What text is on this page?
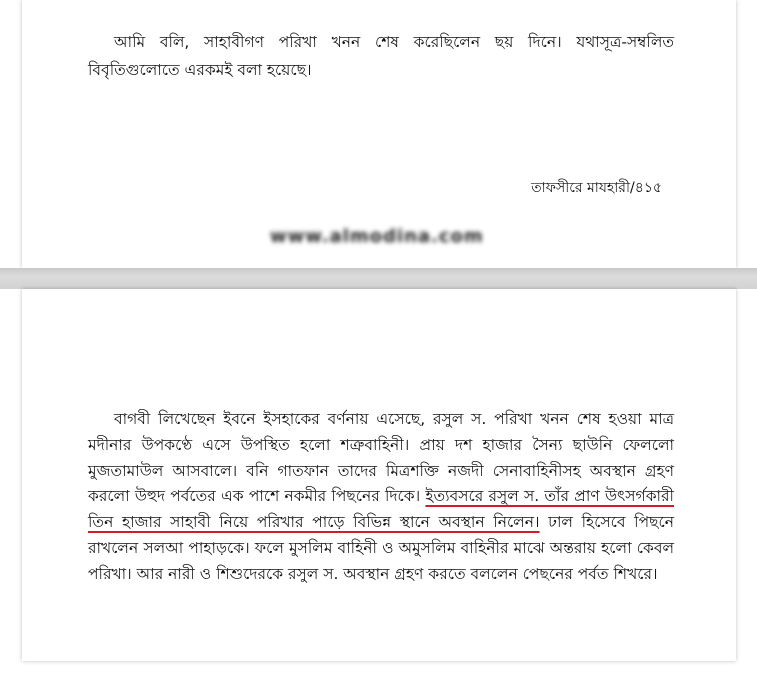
আমি বলি, সাহাবীগণ পরিখা খনন শেষ করেছিলেন ছয় দিনে। যথাসূত্র-সম্বলিত বিবৃতিগুলোতে এরকমই বলা হয়েছে।

তাফসীরে মাযহারী/৪১৫
www.almodina.com

বাগবী লিখেছেন ইবনে ইসহাকের বর্ণনায় এসেছে, রসুল স. পরিখা খনন শেষ হওয়া মাত্র মদীনার উপকণ্ঠে এসে উপস্থিত হলো শত্রুবাহিনী। প্রায় দশ হাজার সৈন্য ছাউনি ফেললো মুজতামাউল আসবালে। বনি গাতফান তাদের মিত্রশক্তি নজদী সেনাবাহিনীসহ অবস্থান গ্রহণ করলো উহুদ পর্বতের এক পাশে নকমীর পিছনের দিকে। ইত্যবসরে রসুল স. তাঁর প্রাণ উৎসর্গকারী তিন হাজার সাহাবী নিয়ে পরিখার পাড়ে বিভিন্ন স্থানে অবস্থান নিলেন। ঢাল হিসেবে পিছনে রাখলেন সলআ পাহাড়কে। ফলে মুসলিম বাহিনী ও অমুসলিম বাহিনীর মাঝে অন্তরায় হলো কেবল পরিখা। আর নারী ও শিশুদেরকে রসুল স. অবস্থান গ্রহণ করতে বললেন পেছনের পর্বত শিখরে।
